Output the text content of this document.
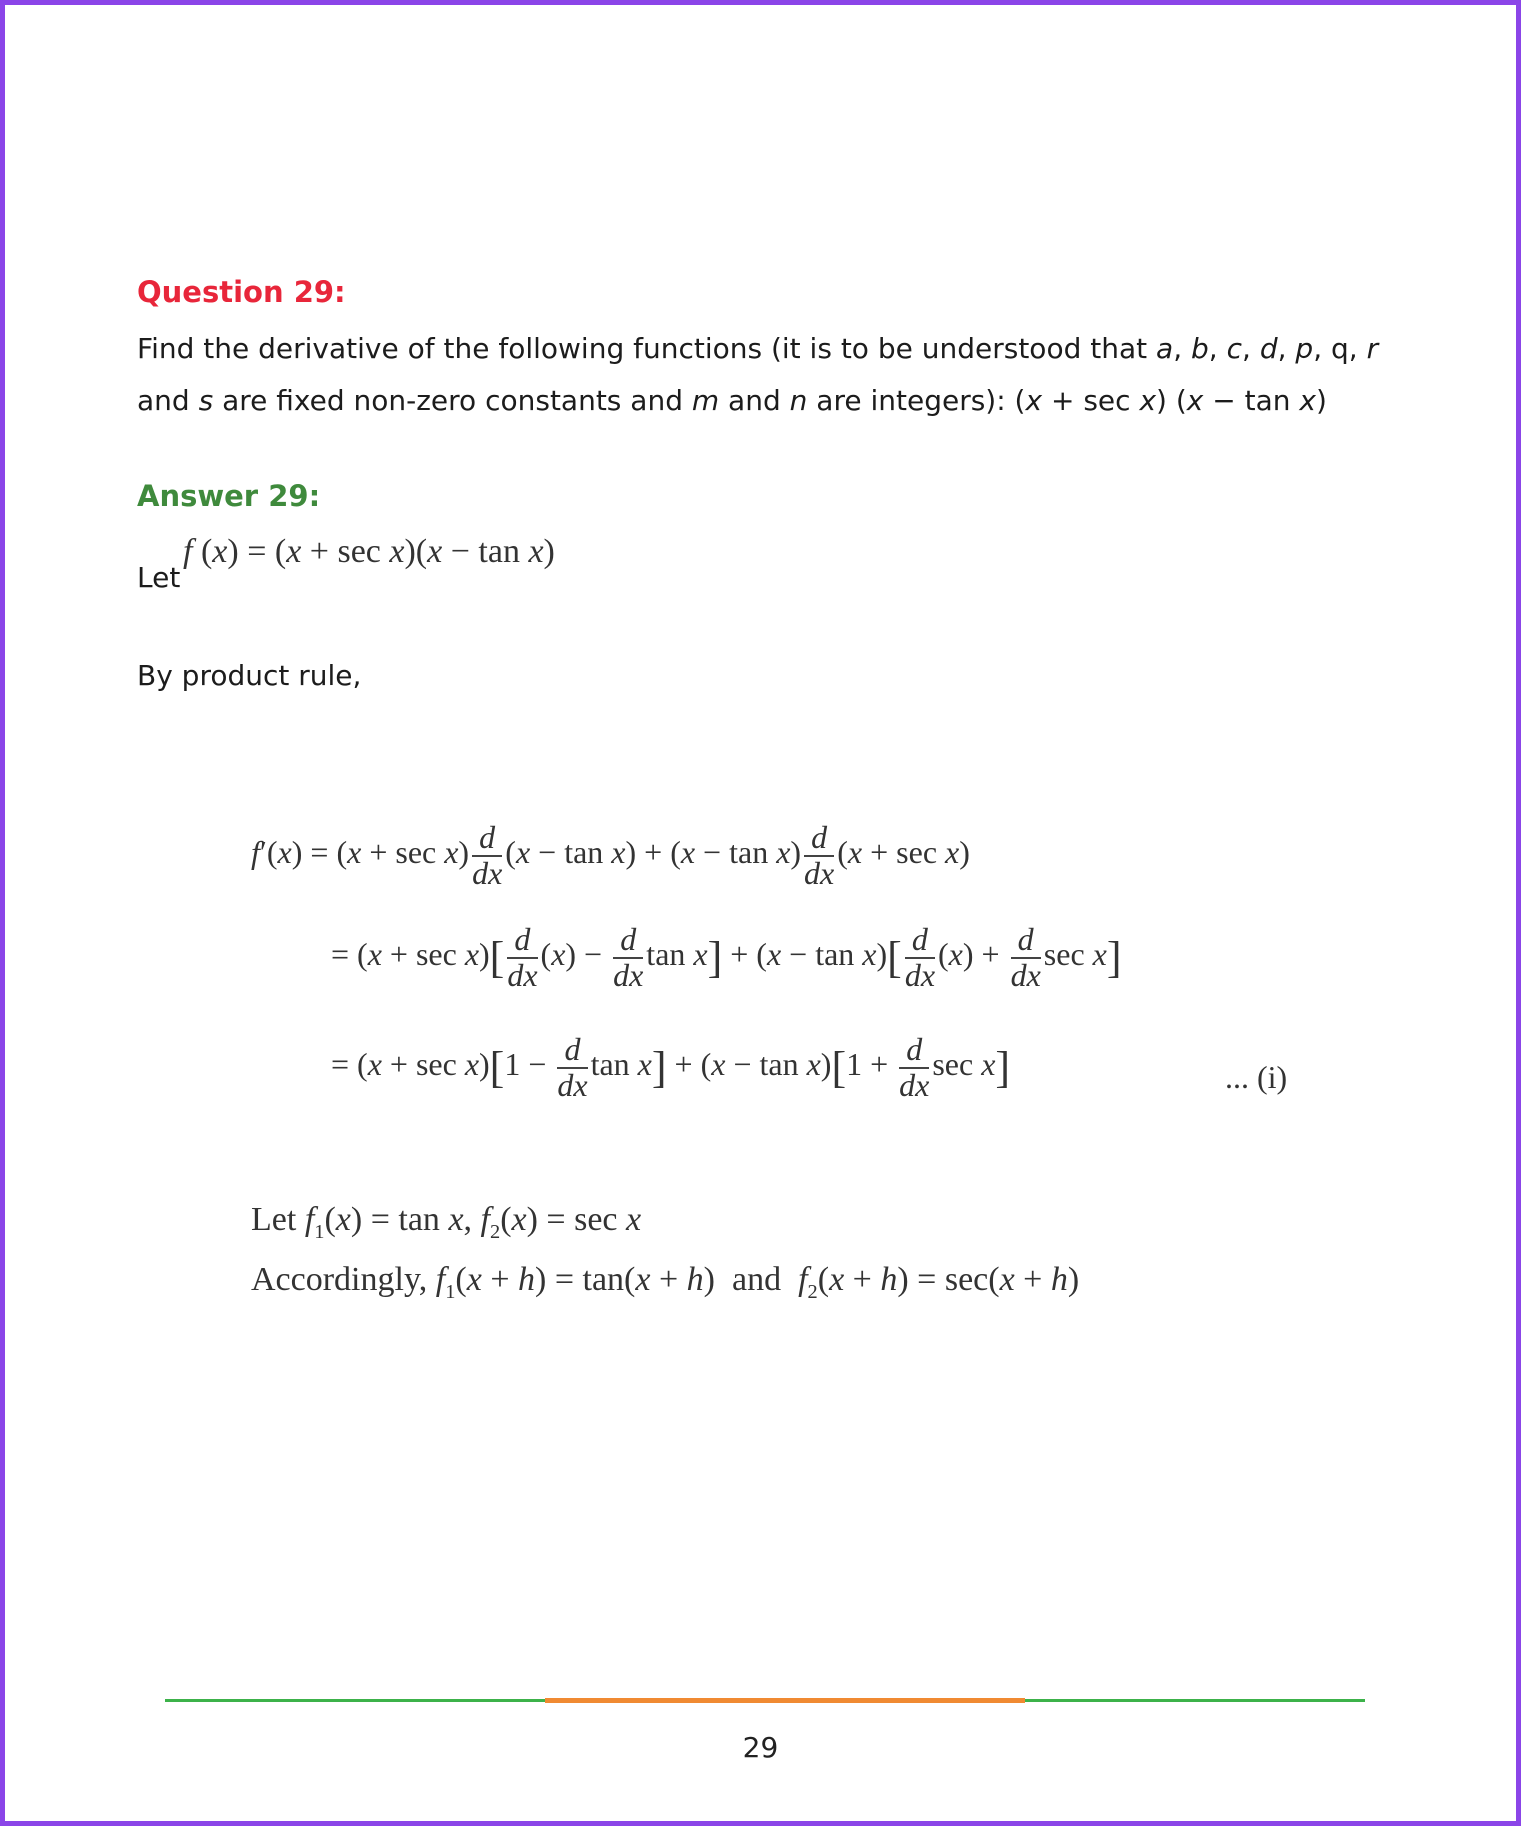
Question 29:
Find the derivative of the following functions (it is to be understood that a, b, c, d, p, q, r
and s are fixed non-zero constants and m and n are integers): (x + sec x) (x − tan x)
Answer 29:
Let
f (x) = (x + sec x)(x − tan x)
By product rule,
$f'(x) = (x + \sec x) \frac{d}{dx} (x - \tan x) + (x - \tan x) \frac{d}{dx} (x + \sec x)$
= $(x + \sec x)[ \frac{d}{dx} (x) - \frac{d}{dx}$ $\tan x] + (x - \tan x)[ \frac{d}{dx} (x) + \frac{d}{dx}$ sec x]
= $(x + \sec x)[1 - \frac{d}{dx}$ $\tan x] + (x - \tan x)[1 + \frac{d}{dx}$ sec x]	... (i)
Let $f_1(x) = \tan x$, $f_2(x) = \sec x$
Accordingly, $f_1(x + h) = \tan(x + h)$  and  $f_2(x + h) = \sec(x + h)$
29
